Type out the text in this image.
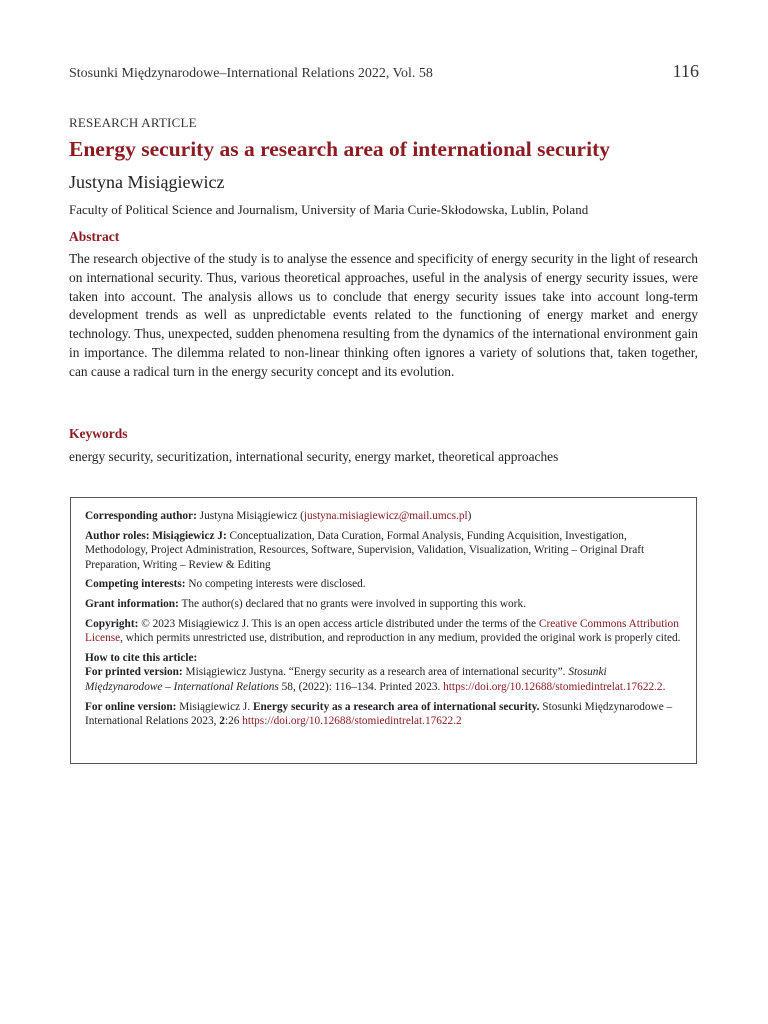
Stosunki Międzynarodowe–International Relations 2022, Vol. 58	116
RESEARCH ARTICLE
Energy security as a research area of international security
Justyna Misiągiewicz
Faculty of Political Science and Journalism, University of Maria Curie-Skłodowska, Lublin, Poland
Abstract

The research objective of the study is to analyse the essence and specificity of energy security in the light of research on international security. Thus, various theoretical approaches, useful in the analysis of energy security issues, were taken into account. The analysis allows us to conclude that energy security issues take into account long-term development trends as well as unpredictable events related to the functioning of energy market and energy technology. Thus, unexpected, sudden phenomena resulting from the dynamics of the international environment gain in importance. The dilemma related to non-linear thinking often ignores a variety of solutions that, taken together, can cause a radical turn in the energy security concept and its evolution.

Keywords
energy security, securitization, international security, energy market, theoretical approaches

Corresponding author: Justyna Misiągiewicz (justyna.misiagiewicz@mail.umcs.pl)

Author roles: Misiągiewicz J: Conceptualization, Data Curation, Formal Analysis, Funding Acquisition, Investigation, Methodology, Project Administration, Resources, Software, Supervision, Validation, Visualization, Writing – Original Draft Preparation, Writing – Review & Editing

Competing interests: No competing interests were disclosed.

Grant information: The author(s) declared that no grants were involved in supporting this work.

Copyright: © 2023 Misiągiewicz J. This is an open access article distributed under the terms of the Creative Commons Attribution License, which permits unrestricted use, distribution, and reproduction in any medium, provided the original work is properly cited.

How to cite this article:

For printed version: Misiągiewicz Justyna. “Energy security as a research area of international security”. Stosunki Międzynarodowe – International Relations 58, (2022): 116–134. Printed 2023. https://doi.org/10.12688/stomiedintrelat.17622.2.

For online version: Misiągiewicz J. Energy security as a research area of international security. Stosunki Międzynarodowe – International Relations 2023, 2:26 https://doi.org/10.12688/stomiedintrelat.17622.2
